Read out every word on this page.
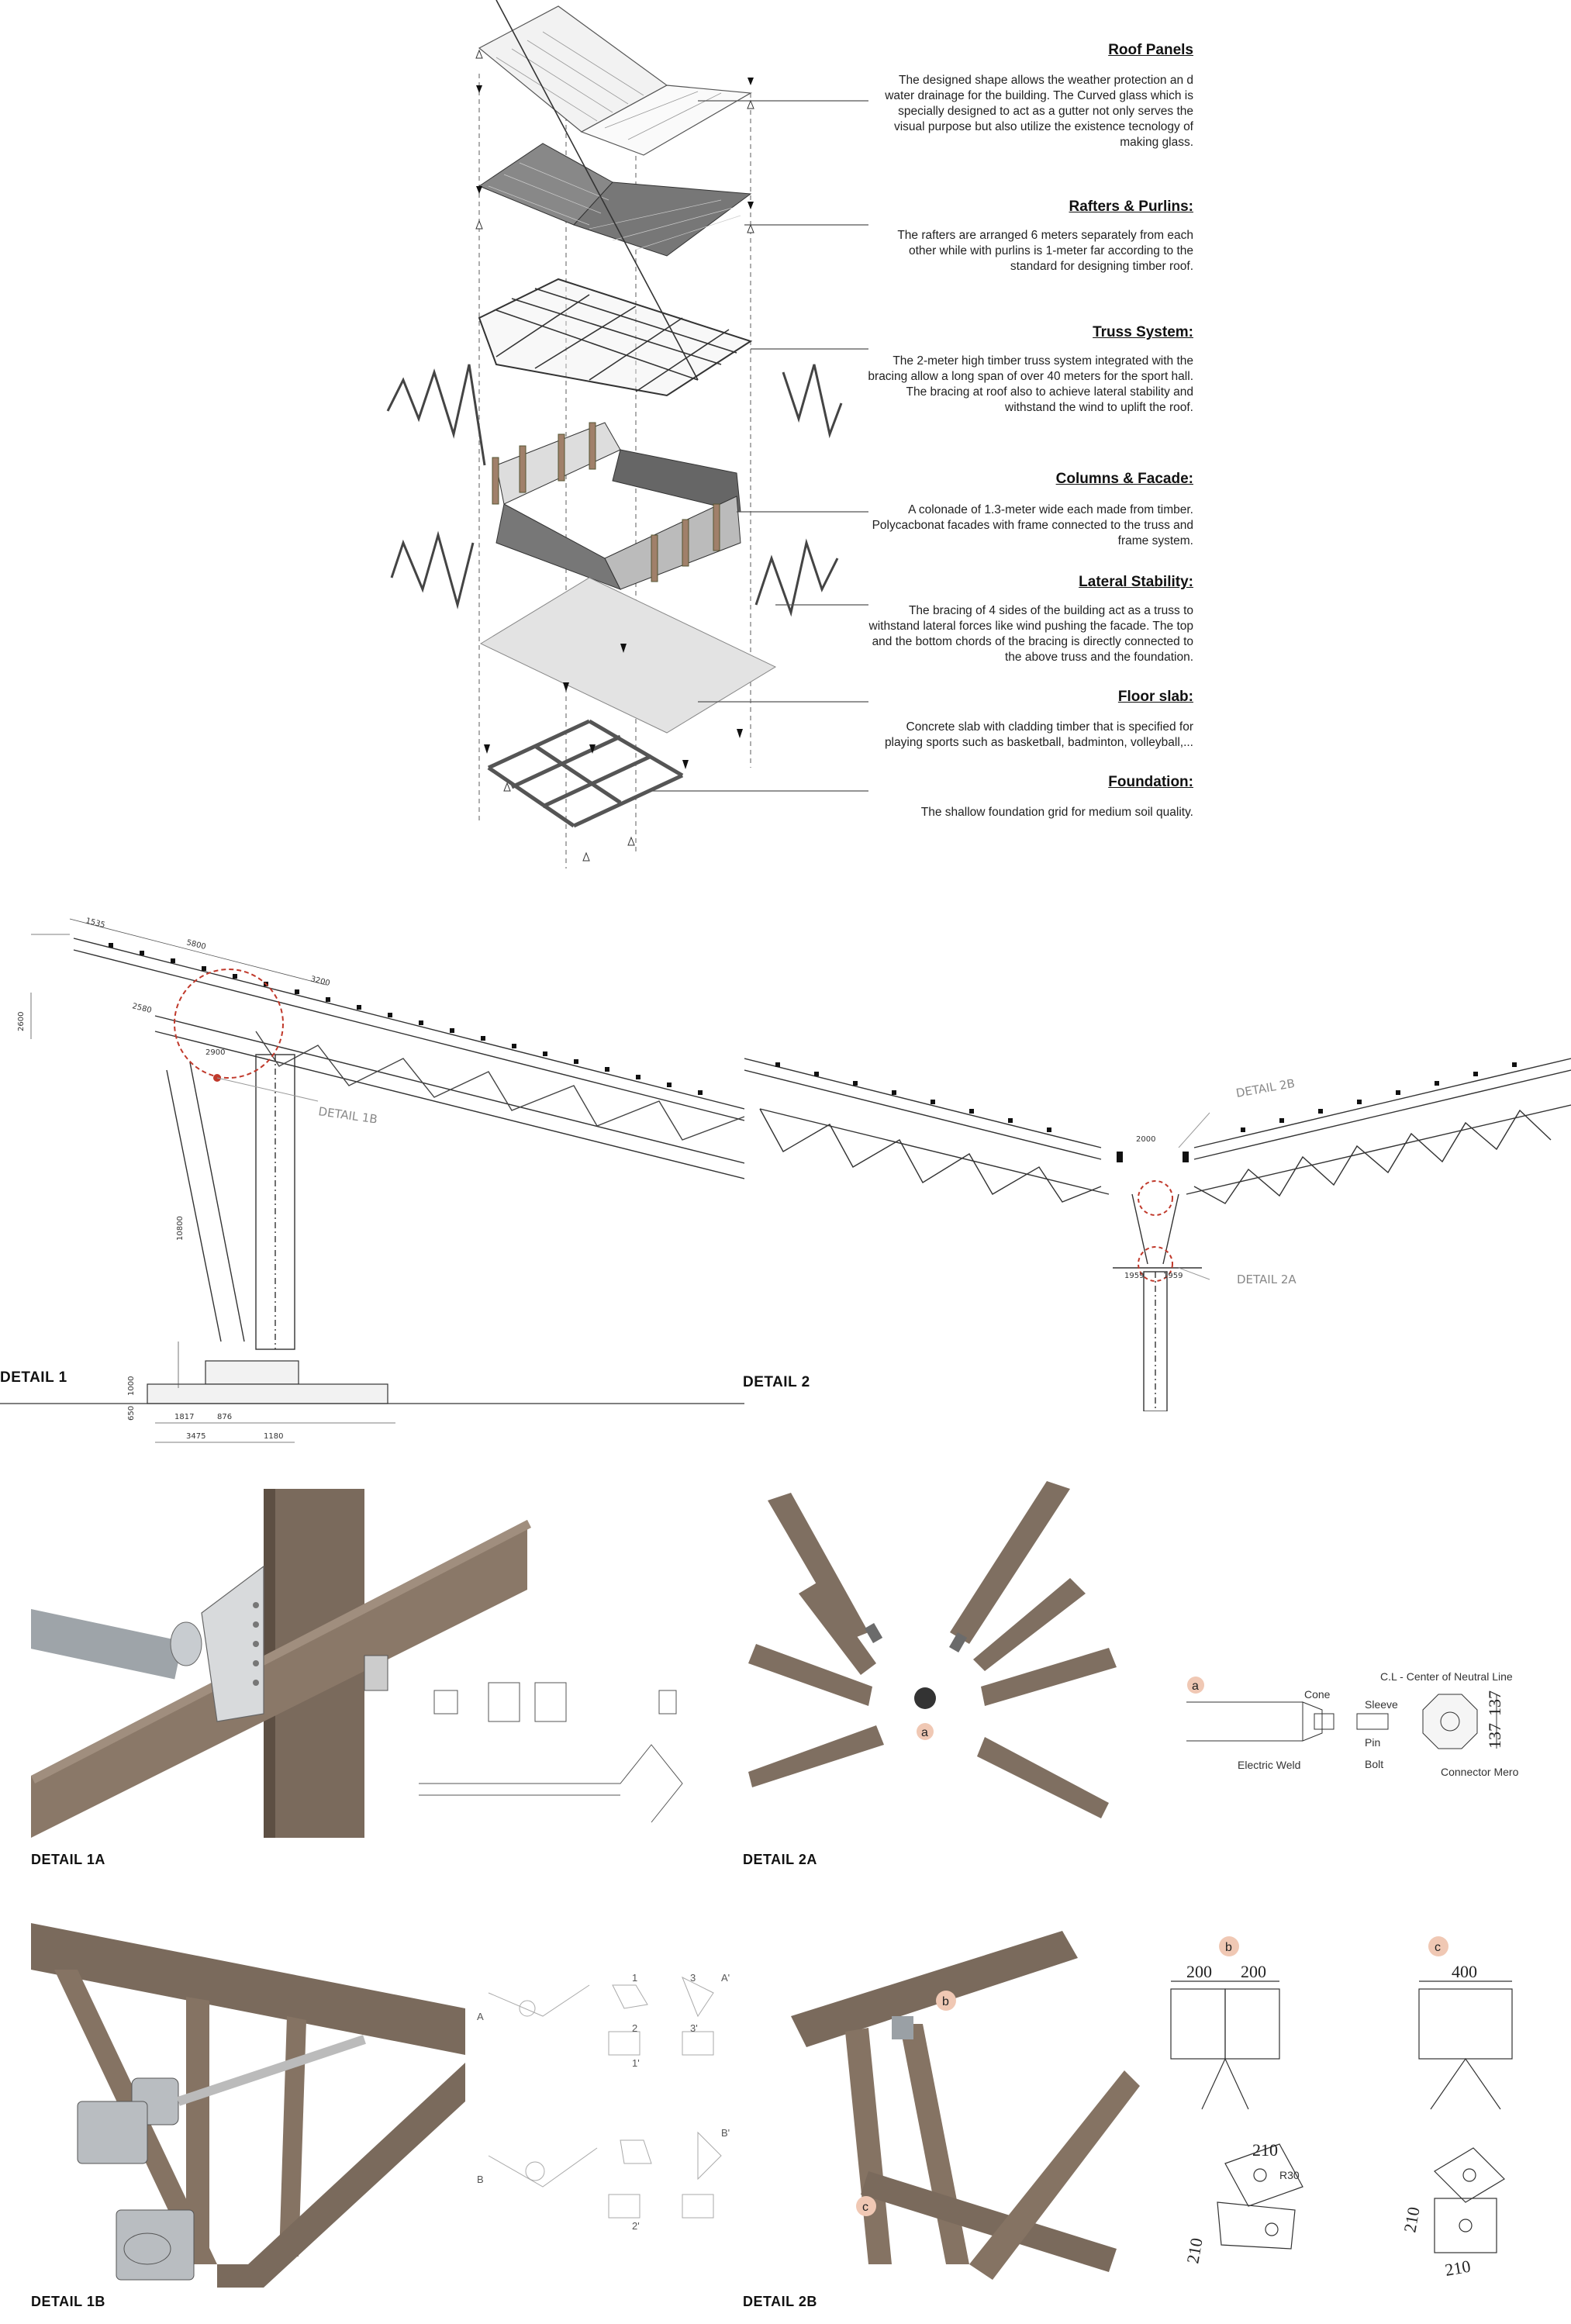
Roof Panels
The designed shape allows the weather protection an d water drainage for the building. The Curved glass which is specially designed to act as a gutter not only serves the visual purpose but also utilize the existence tecnology of making glass.
Rafters & Purlins:
The rafters are arranged 6 meters separately from each other while with purlins is 1-meter far according to the standard for designing timber roof.
Truss System:
The 2-meter high timber truss system integrated with the bracing allow a long span of over 40 meters for the sport hall. The bracing at roof also to achieve lateral stability and withstand the wind to uplift the roof.
Columns & Facade:
A colonade of 1.3-meter wide each made from timber. Polycacbonat facades with frame connected to the truss and frame system.
Lateral Stability:
The bracing of 4 sides of the building act as a truss to withstand lateral forces like wind pushing the facade. The top and the bottom chords of the bracing is directly connected to the above truss and the foundation.
Floor slab:
Concrete slab with cladding timber that is specified for playing sports such as basketball, badminton, volleyball,...
Foundation:
The shallow foundation grid for medium soil quality.
DETAIL 1B
1535
5800
3200
2600
2580
2900
10800
1000
650	1817	876
3475	1180
DETAIL 1
DETAIL 2B
DETAIL 2A
2000
1959 1959
DETAIL 2
DETAIL 1A
a
a
C.L - Center of Neutral Line
Cone
Sleeve
Pin
Bolt
Electric Weld
Connector Mero
137
137
DETAIL 2A
DETAIL 1B
A
B
1
2
3
1'
2'
3'
A'
B'
b
c
DETAIL 2B
b	c
200 200	400
210
210
R30
210
210
